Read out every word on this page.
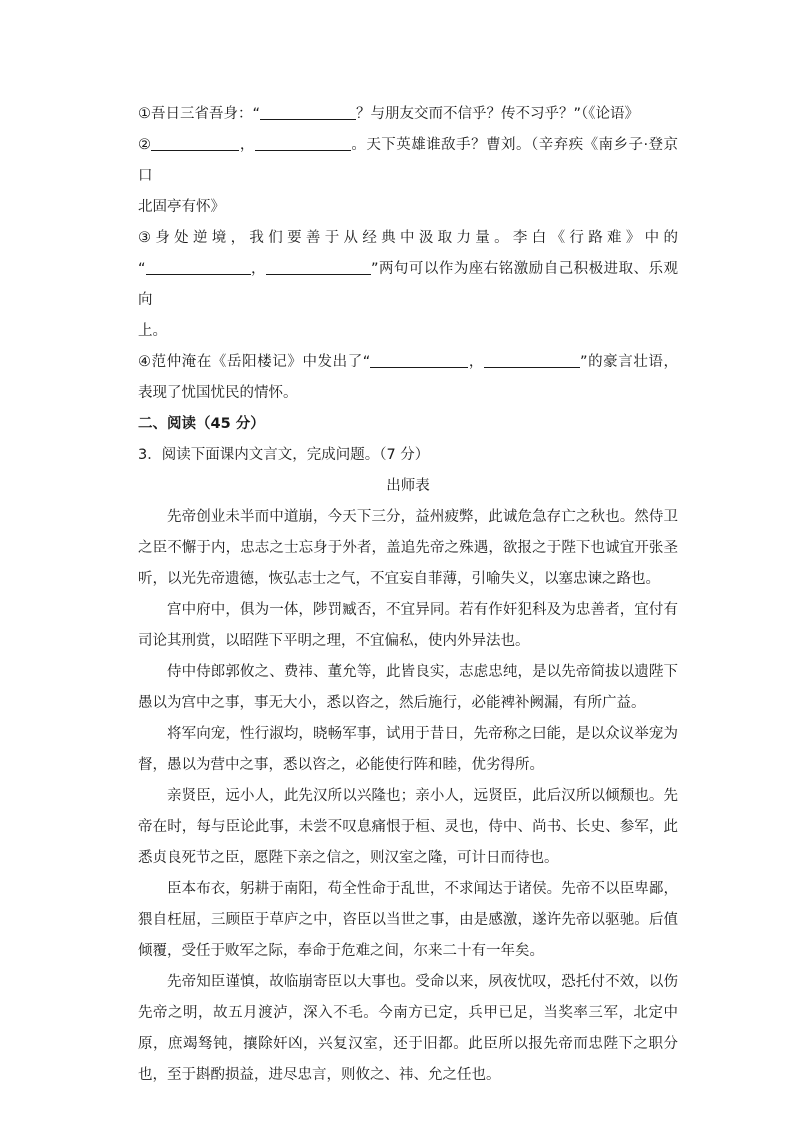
①吾日三省吾身：“	？与朋友交而不信乎？传不习乎？”（《论语》

②	，	。天下英雄谁敌手？曹刘。（辛弃疾《南乡子·登京口

北固亭有怀》

③身处逆境，我们要善于从经典中汲取力量。李白《行路难》中的

“	，	”两句可以作为座右铭激励自己积极进取、乐观向

上。

④范仲淹在《岳阳楼记》中发出了“	，	”的豪言壮语，

表现了忧国忧民的情怀。

二、阅读（45 分）

3．阅读下面课内文言文，完成问题。（7 分）

出师表

先帝创业未半而中道崩，今天下三分，益州疲弊，此诚危急存亡之秋也。然侍卫之臣不懈于内，忠志之士忘身于外者，盖追先帝之殊遇，欲报之于陛下也诚宜开张圣听，以光先帝遗德，恢弘志士之气，不宜妄自菲薄，引喻失义，以塞忠谏之路也。

宫中府中，俱为一体，陟罚臧否，不宜异同。若有作奸犯科及为忠善者，宜付有司论其刑赏，以昭陛下平明之理，不宜偏私，使内外异法也。

侍中侍郎郭攸之、费祎、董允等，此皆良实，志虑忠纯，是以先帝简拔以遗陛下愚以为宫中之事，事无大小，悉以咨之，然后施行，必能裨补阙漏，有所广益。

将军向宠，性行淑均，晓畅军事，试用于昔日，先帝称之曰能，是以众议举宠为督，愚以为营中之事，悉以咨之，必能使行阵和睦，优劣得所。

亲贤臣，远小人，此先汉所以兴隆也；亲小人，远贤臣，此后汉所以倾颓也。先帝在时，每与臣论此事，未尝不叹息痛恨于桓、灵也，侍中、尚书、长史、参军，此悉贞良死节之臣，愿陛下亲之信之，则汉室之隆，可计日而待也。

臣本布衣，躬耕于南阳，苟全性命于乱世，不求闻达于诸侯。先帝不以臣卑鄙，猥自枉屈，三顾臣于草庐之中，咨臣以当世之事，由是感激，遂许先帝以驱驰。后值倾覆，受任于败军之际，奉命于危难之间，尔来二十有一年矣。

先帝知臣谨慎，故临崩寄臣以大事也。受命以来，夙夜忧叹，恐托付不效，以伤先帝之明，故五月渡泸，深入不毛。今南方已定，兵甲已足，当奖率三军，北定中原，庶竭驽钝，攘除奸凶，兴复汉室，还于旧都。此臣所以报先帝而忠陛下之职分也，至于斟酌损益，进尽忠言，则攸之、祎、允之任也。
